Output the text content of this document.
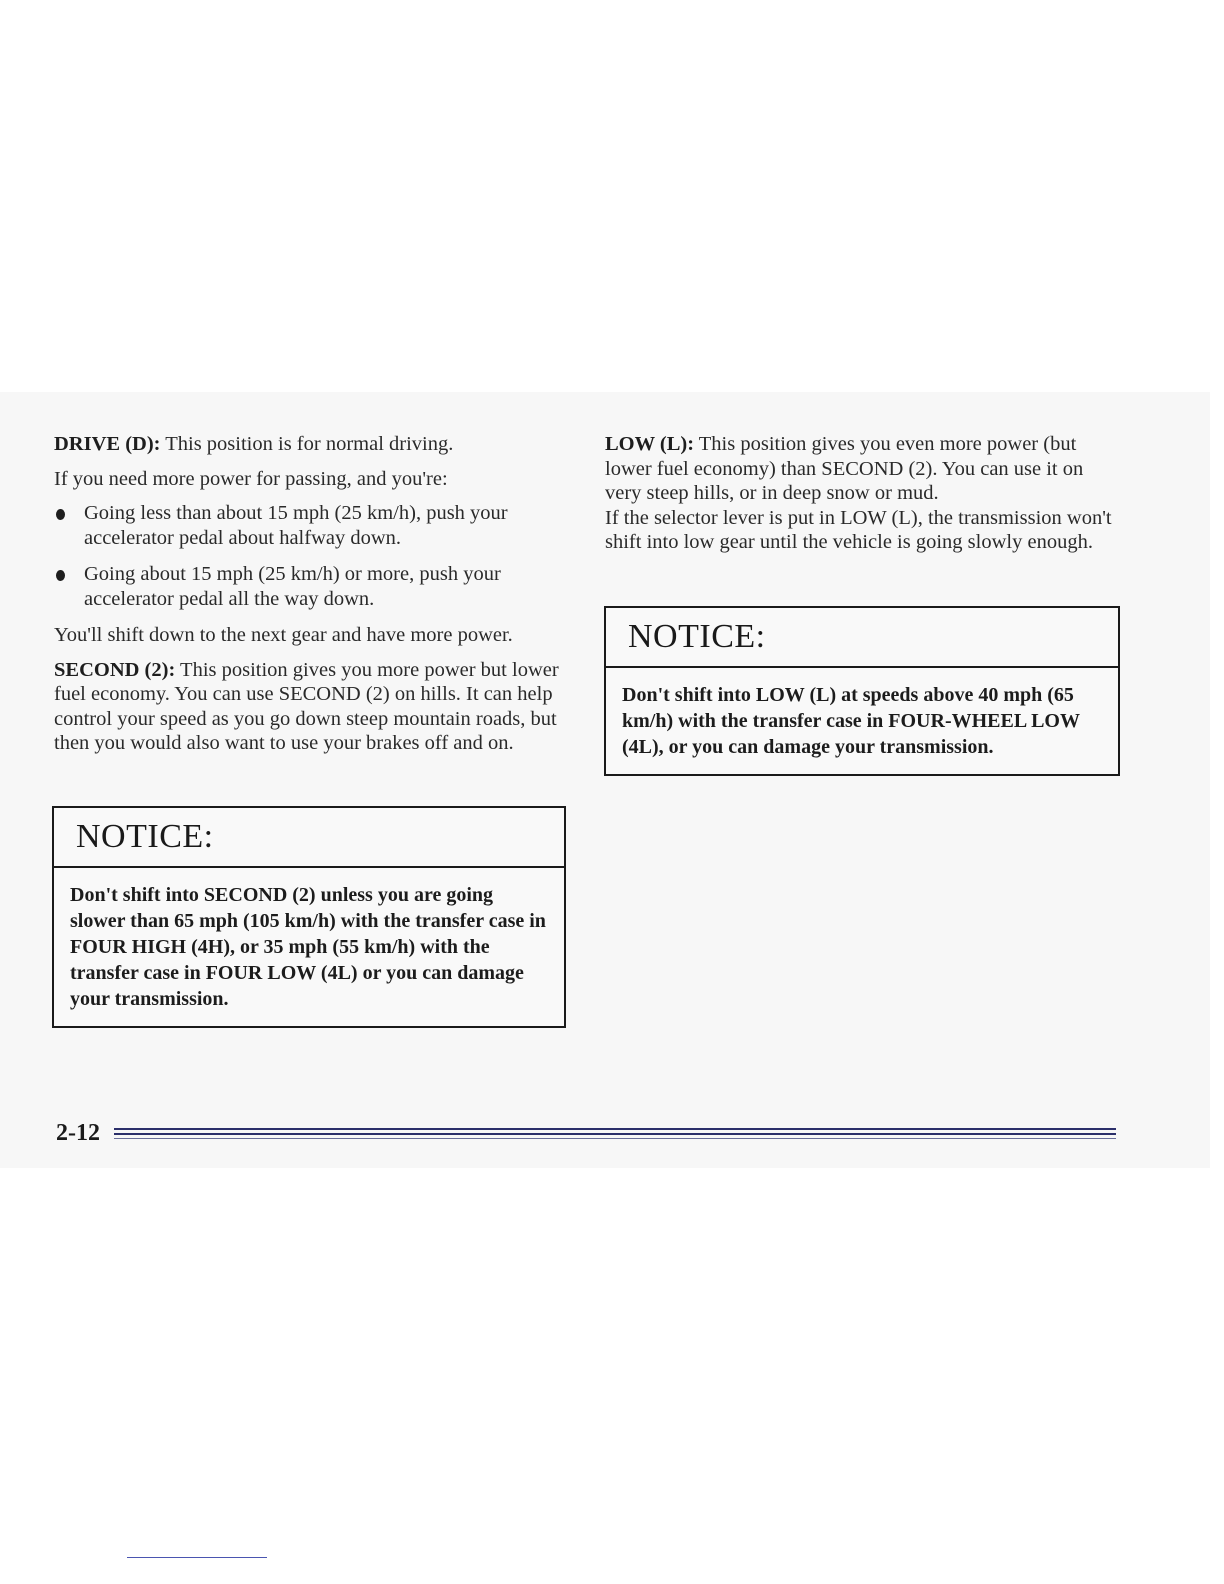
DRIVE (D): This position is for normal driving.

If you need more power for passing, and you're:

Going less than about 15 mph (25 km/h), push your accelerator pedal about halfway down.
Going about 15 mph (25 km/h) or more, push your accelerator pedal all the way down.

You'll shift down to the next gear and have more power.

SECOND (2): This position gives you more power but lower fuel economy. You can use SECOND (2) on hills. It can help control your speed as you go down steep mountain roads, but then you would also want to use your brakes off and on.

NOTICE:
Don't shift into SECOND (2) unless you are going slower than 65 mph (105 km/h) with the transfer case in FOUR HIGH (4H), or 35 mph (55 km/h) with the transfer case in FOUR LOW (4L) or you can damage your transmission.

LOW (L): This position gives you even more power (but lower fuel economy) than SECOND (2). You can use it on very steep hills, or in deep snow or mud.

If the selector lever is put in LOW (L), the transmission won't shift into low gear until the vehicle is going slowly enough.

NOTICE:
Don't shift into LOW (L) at speeds above 40 mph (65 km/h) with the transfer case in FOUR-WHEEL LOW (4L), or you can damage your transmission.
2-12
